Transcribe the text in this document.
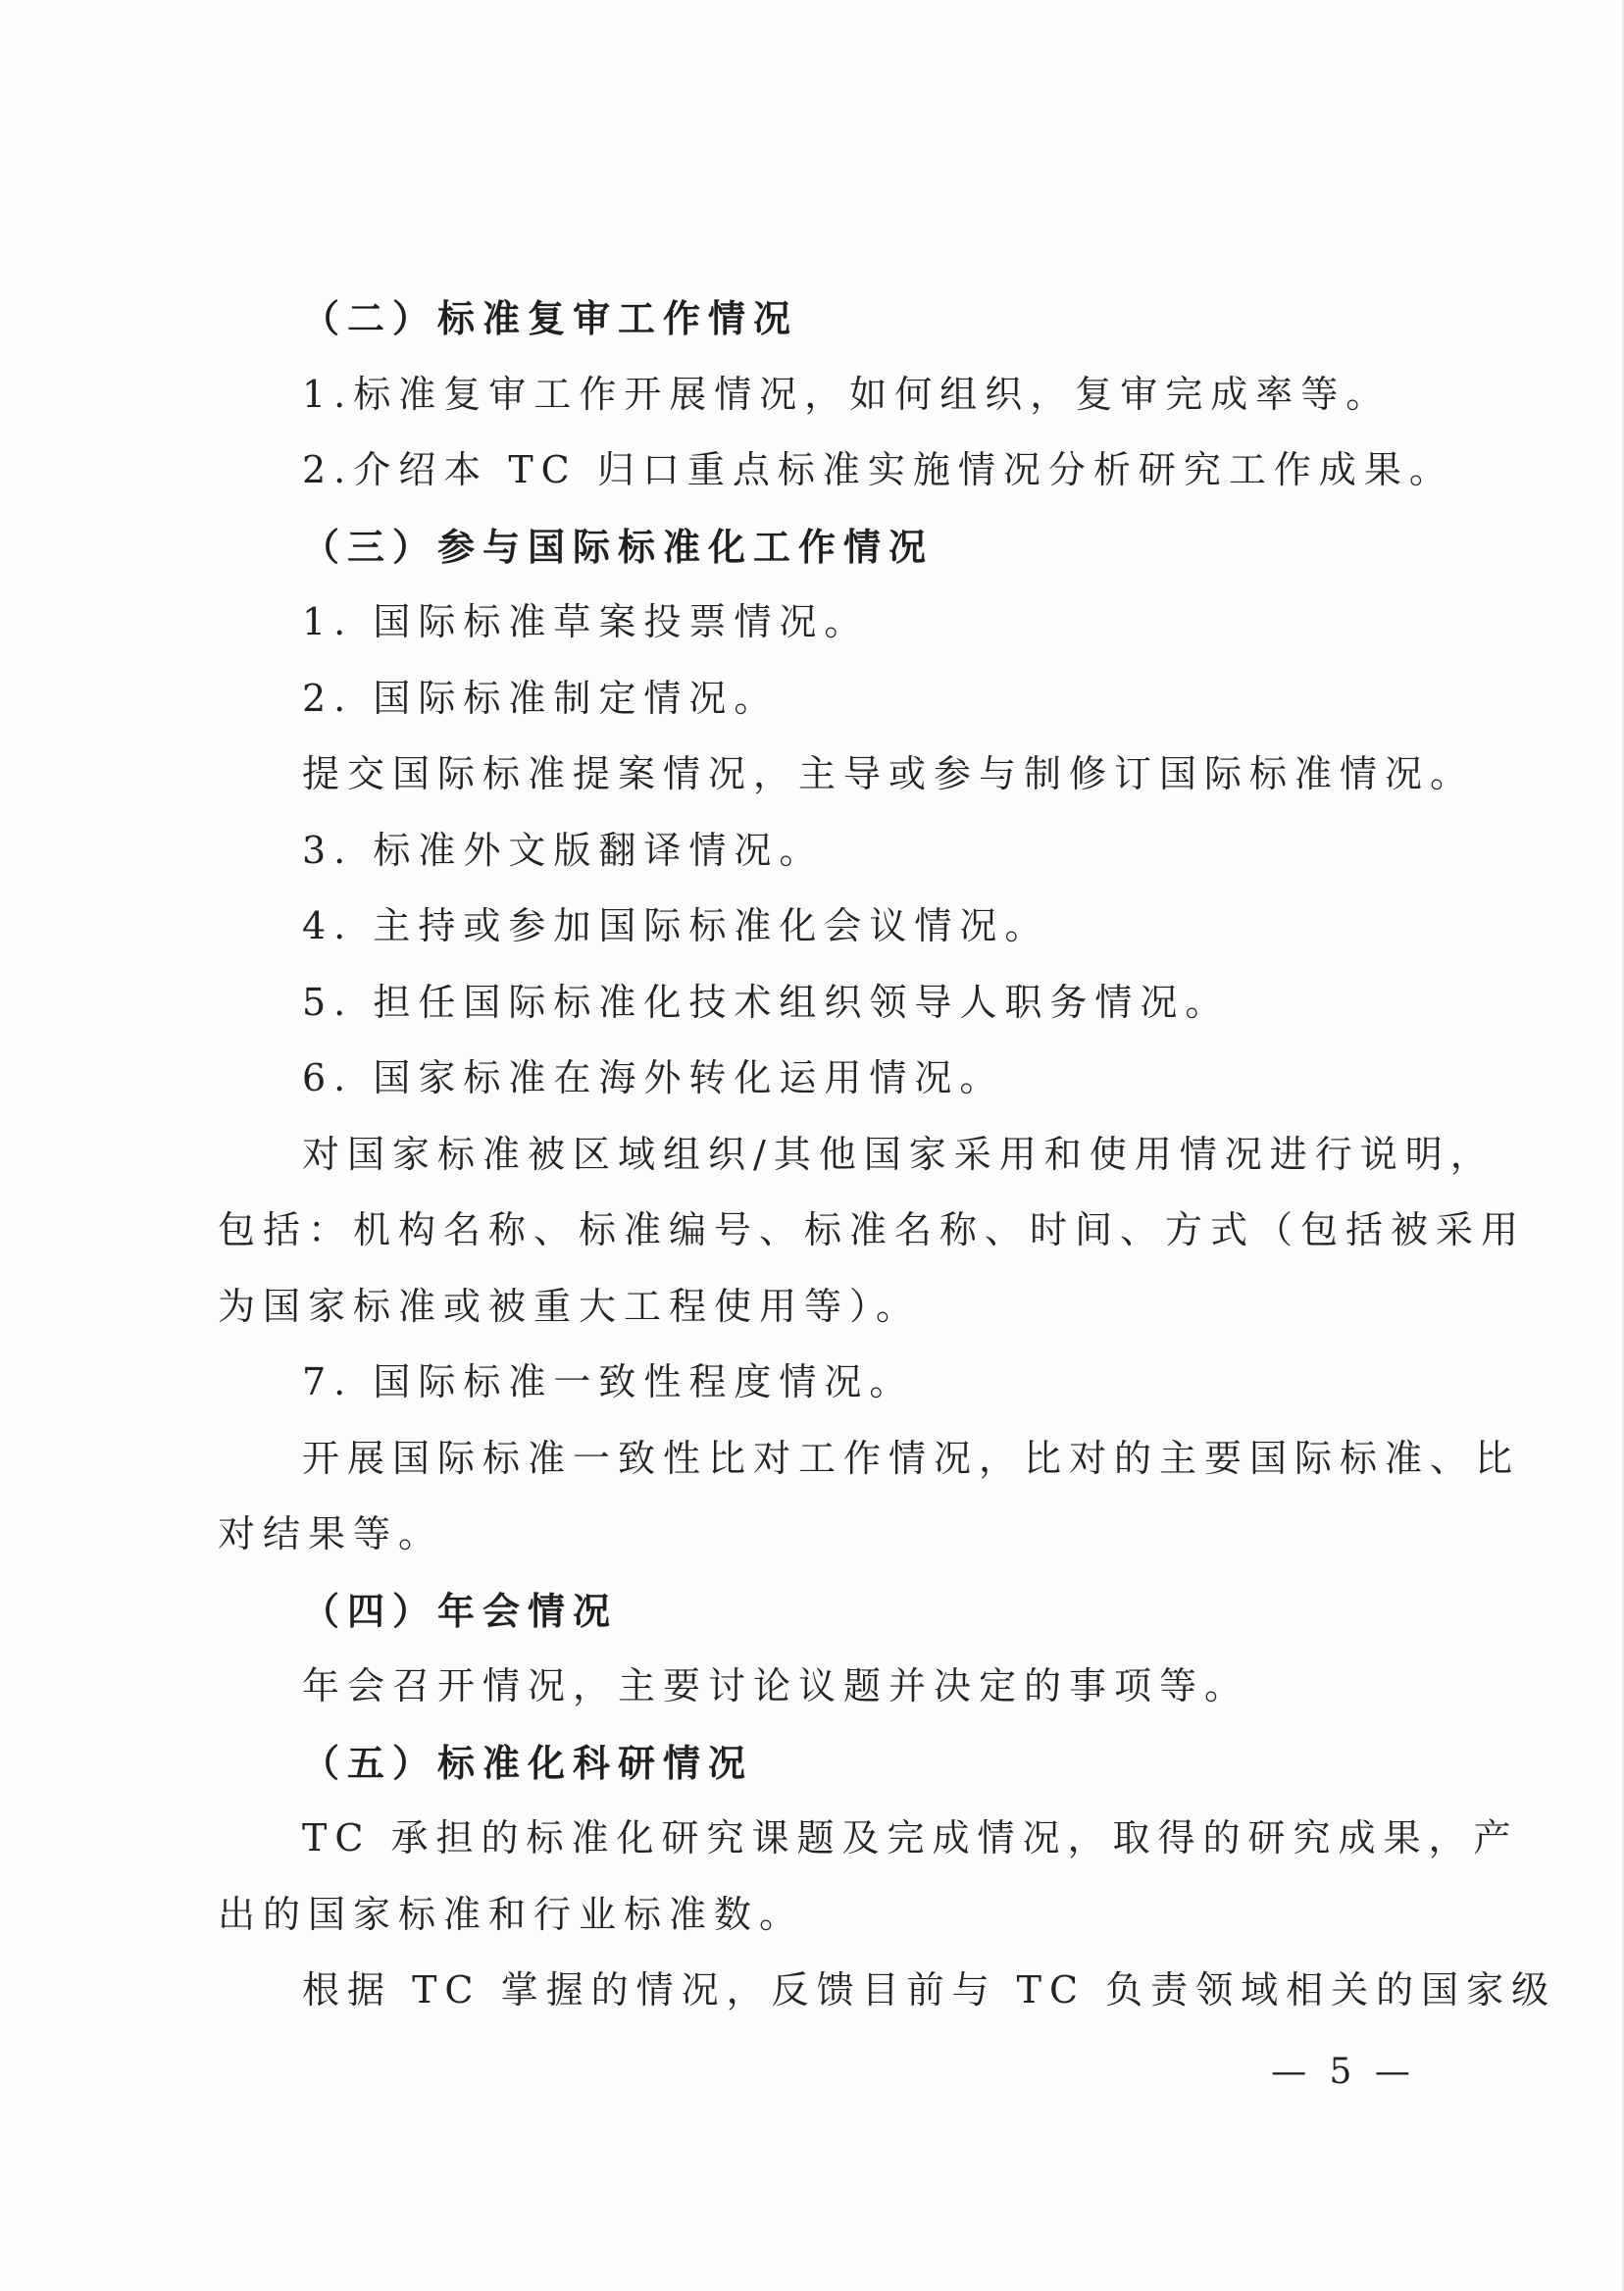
（二）标准复审工作情况
1.标准复审工作开展情况，如何组织，复审完成率等。
2.介绍本 TC 归口重点标准实施情况分析研究工作成果。
（三）参与国际标准化工作情况
1. 国际标准草案投票情况。
2. 国际标准制定情况。
提交国际标准提案情况，主导或参与制修订国际标准情况。
3. 标准外文版翻译情况。
4. 主持或参加国际标准化会议情况。
5. 担任国际标准化技术组织领导人职务情况。
6. 国家标准在海外转化运用情况。
对国家标准被区域组织/其他国家采用和使用情况进行说明，
包括：机构名称、标准编号、标准名称、时间、方式（包括被采用
为国家标准或被重大工程使用等）。
7. 国际标准一致性程度情况。
开展国际标准一致性比对工作情况，比对的主要国际标准、比
对结果等。
（四）年会情况
年会召开情况，主要讨论议题并决定的事项等。
（五）标准化科研情况
TC 承担的标准化研究课题及完成情况，取得的研究成果，产
出的国家标准和行业标准数。
根据 TC 掌握的情况，反馈目前与 TC 负责领域相关的国家级
— 5 —
